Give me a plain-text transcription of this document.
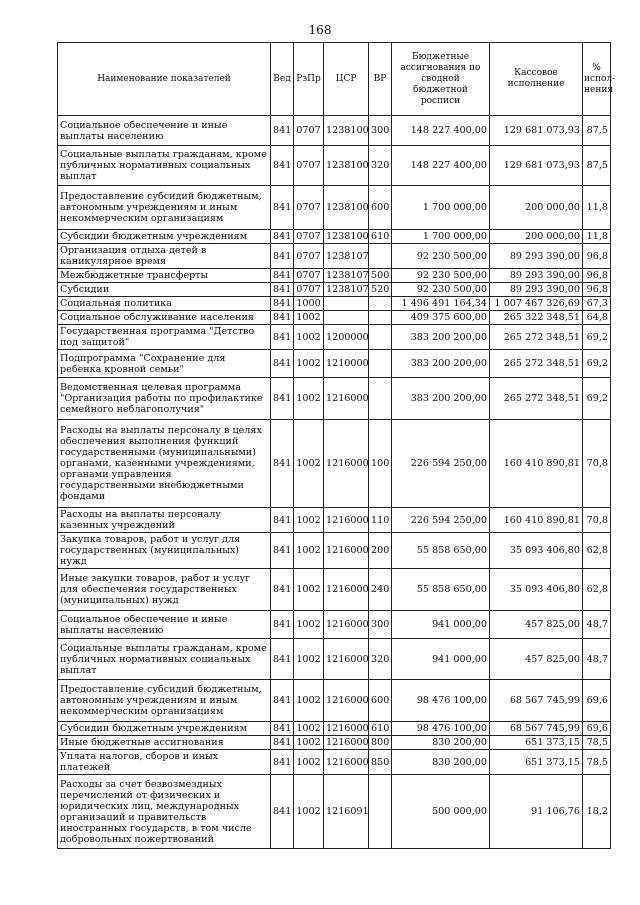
168
Наименование показателей	Вед	РзПр	ЦСР	ВР	Бюджетные ассигнования по сводной бюджетной росписи	Кассовое исполнение	% испол-нения
Социальное обеспечение и иные выплаты населению	841	0707	1238100	300	148 227 400,00	129 681 073,93	87,5
Социальные выплаты гражданам, кроме публичных нормативных социальных выплат	841	0707	1238100	320	148 227 400,00	129 681 073,93	87,5
Предоставление субсидий бюджетным, автономным учреждениям и иным некоммерческим организациям	841	0707	1238100	600	1 700 000,00	200 000,00	11,8
Субсидии бюджетным учреждениям	841	0707	1238100	610	1 700 000,00	200 000,00	11,8
Организация отдыха детей в каникулярное время	841	0707	1238107		92 230 500,00	89 293 390,00	96,8
Межбюджетные трансферты	841	0707	1238107	500	92 230 500,00	89 293 390,00	96,8
Субсидии	841	0707	1238107	520	92 230 500,00	89 293 390,00	96,8
Социальная политика	841	1000			1 496 491 164,34	1 007 467 326,69	67,3
Социальное обслуживание населения	841	1002			409 375 600,00	265 322 348,51	64,8
Государственная программа "Детство под защитой"	841	1002	1200000		383 200 200,00	265 272 348,51	69,2
Подпрограмма "Сохранение для ребенка кровной семьи"	841	1002	1210000		383 200 200,00	265 272 348,51	69,2
Ведомственная целевая программа "Организация работы по профилактике семейного неблагополучия"	841	1002	1216000		383 200 200,00	265 272 348,51	69,2
Расходы на выплаты персоналу в целях обеспечения выполнения функций государственными (муниципальными) органами, казенными учреждениями, органами управления государственными внебюджетными фондами	841	1002	1216000	100	226 594 250,00	160 410 890,81	70,8
Расходы на выплаты персоналу казенных учреждений	841	1002	1216000	110	226 594 250,00	160 410 890,81	70,8
Закупка товаров, работ и услуг для государственных (муниципальных) нужд	841	1002	1216000	200	55 858 650,00	35 093 406,80	62,8
Иные закупки товаров, работ и услуг для обеспечения государственных (муниципальных) нужд	841	1002	1216000	240	55 858 650,00	35 093 406,80	62,8
Социальное обеспечение и иные выплаты населению	841	1002	1216000	300	941 000,00	457 825,00	48,7
Социальные выплаты гражданам, кроме публичных нормативных социальных выплат	841	1002	1216000	320	941 000,00	457 825,00	48,7
Предоставление субсидий бюджетным, автономным учреждениям и иным некоммерческим организациям	841	1002	1216000	600	98 476 100,00	68 567 745,99	69,6
Субсидии бюджетным учреждениям	841	1002	1216000	610	98 476 100,00	68 567 745,99	69,6
Иные бюджетные ассигнования	841	1002	1216000	800	830 200,00	651 373,15	78,5
Уплата налогов, сборов и иных платежей	841	1002	1216000	850	830 200,00	651 373,15	78,5
Расходы за счет безвозмездных перечислений от физических и юридических лиц, международных организаций и правительств иностранных государств, в том числе добровольных пожертвований	841	1002	1216091		500 000,00	91 106,76	18,2
